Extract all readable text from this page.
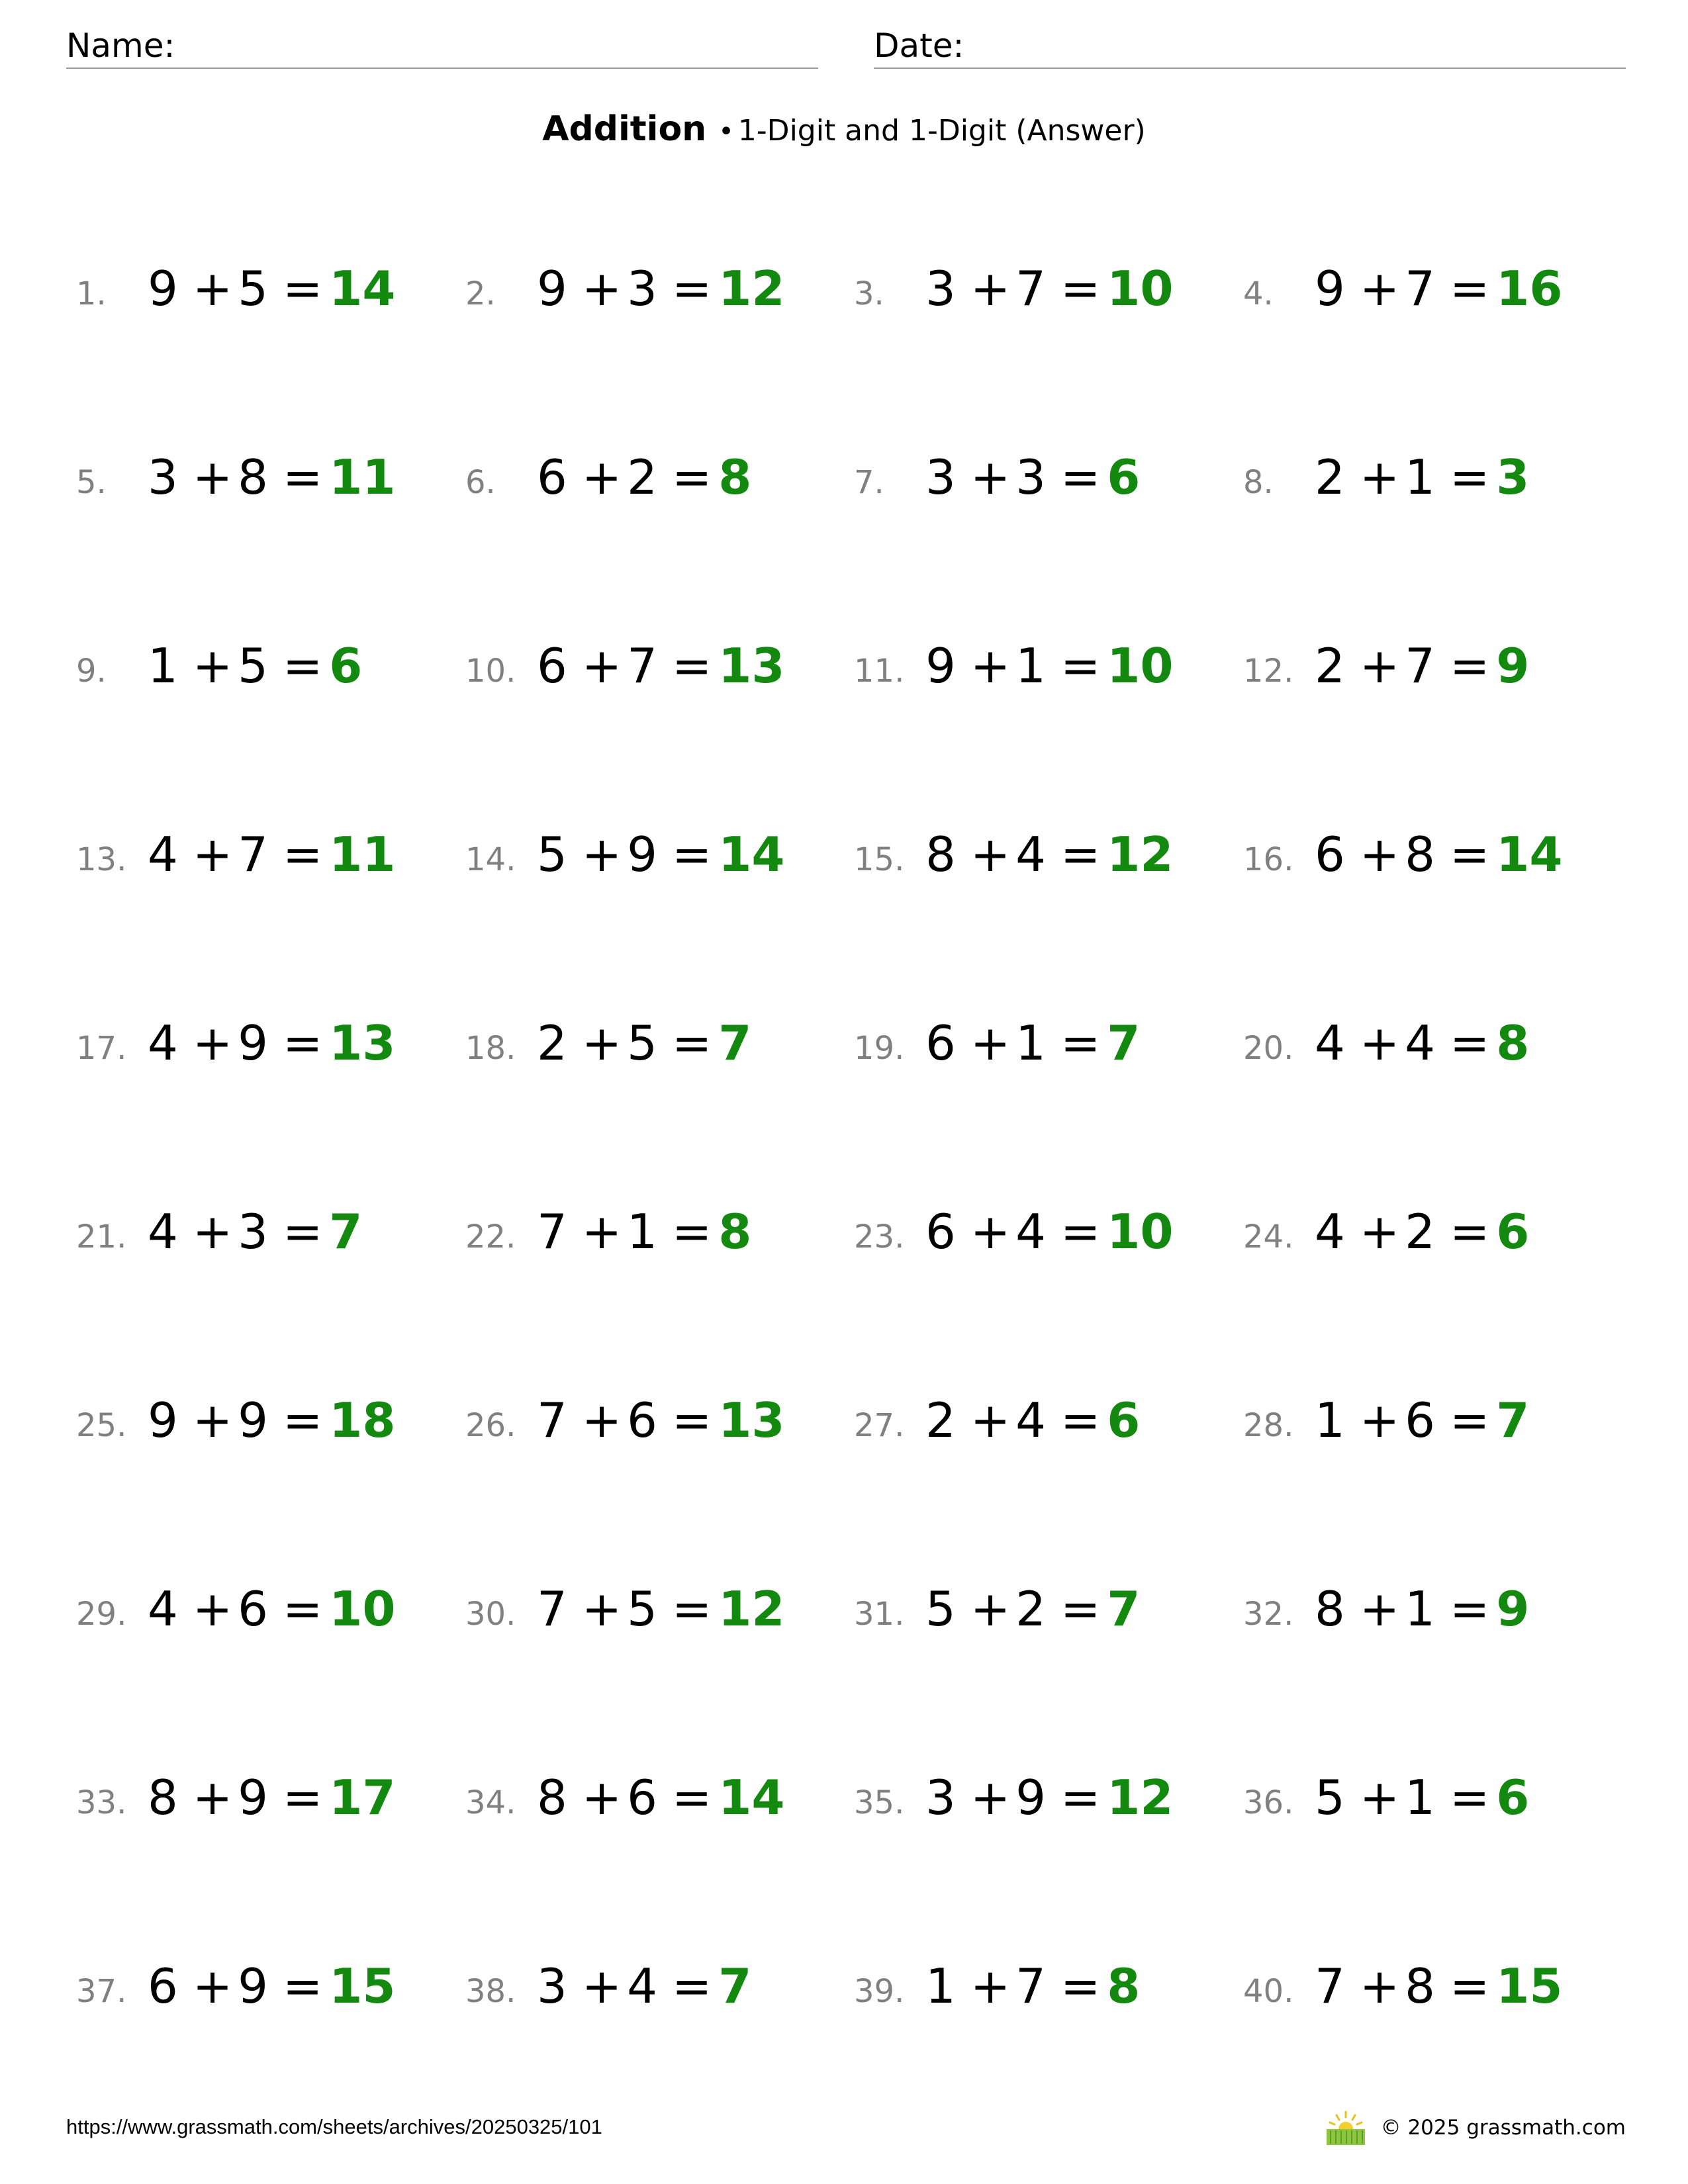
Name:	Date:
Addition • 1-Digit and 1-Digit (Answer)
1. 9 + 5 = 14 2. 9 + 3 = 12 3. 3 + 7 = 10 4. 9 + 7 = 16
5. 3 + 8 = 11 6. 6 + 2 = 8	7. 3 + 3 = 6	8. 2 + 1 = 3
9. 1 + 5 = 6	10. 6 + 7 = 13 11. 9 + 1 = 10 12. 2 + 7 = 9
13. 4 + 7 = 11 14. 5 + 9 = 14 15. 8 + 4 = 12 16. 6 + 8 = 14
17. 4 + 9 = 13 18. 2 + 5 = 7	19. 6 + 1 = 7	20. 4 + 4 = 8
21. 4 + 3 = 7	22. 7 + 1 = 8	23. 6 + 4 = 10 24. 4 + 2 = 6
25. 9 + 9 = 18 26. 7 + 6 = 13 27. 2 + 4 = 6	28. 1 + 6 = 7
29. 4 + 6 = 10 30. 7 + 5 = 12 31. 5 + 2 = 7	32. 8 + 1 = 9
33. 8 + 9 = 17 34. 8 + 6 = 14 35. 3 + 9 = 12 36. 5 + 1 = 6
37. 6 + 9 = 15 38. 3 + 4 = 7	39. 1 + 7 = 8	40. 7 + 8 = 15
https://www.grassmath.com/sheets/archives/20250325/101	© 2025 grassmath.com
